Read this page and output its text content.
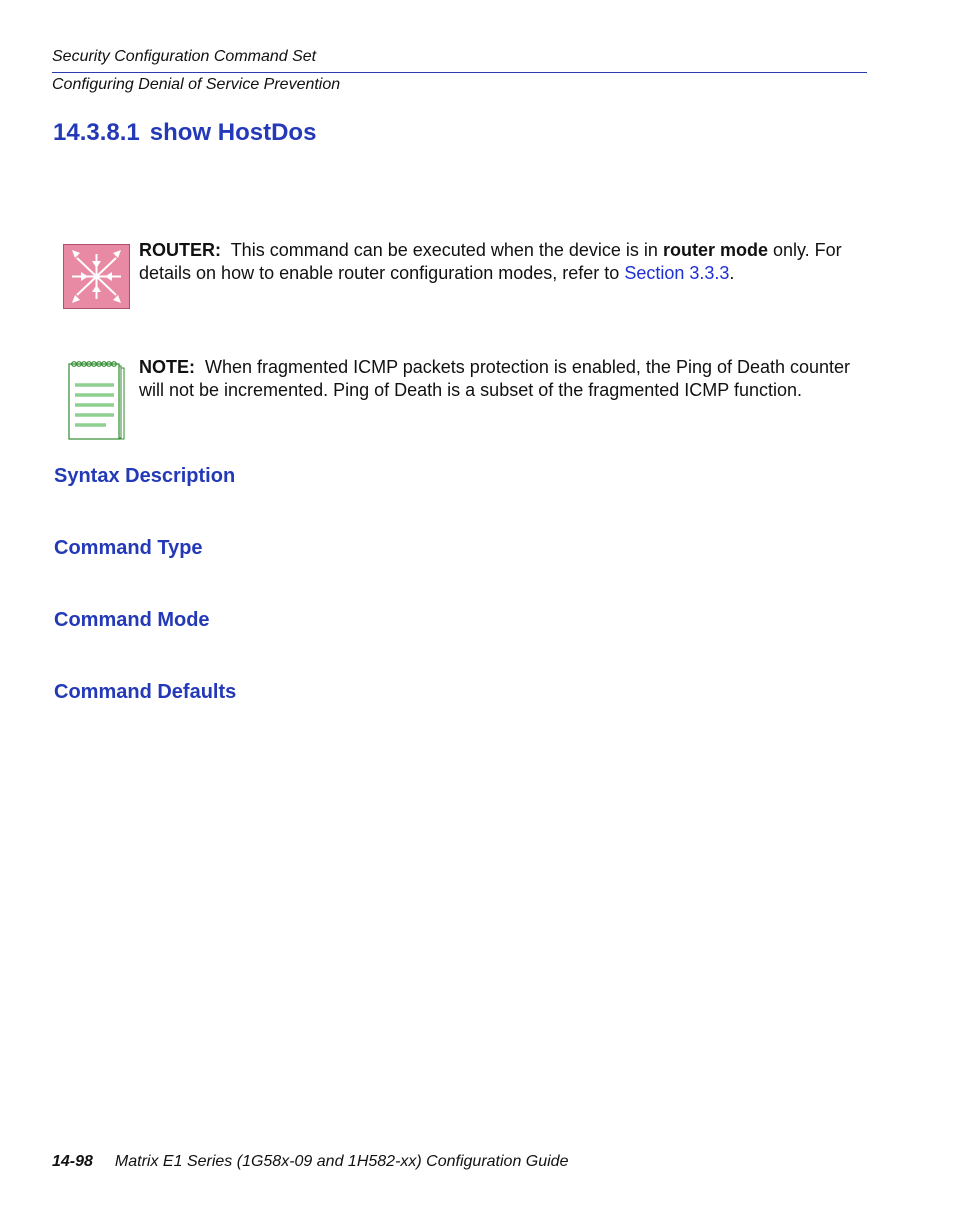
Security Configuration Command Set
Configuring Denial of Service Prevention
14.3.8.1 show HostDos
ROUTER: This command can be executed when the device is in router mode only. For details on how to enable router configuration modes, refer to Section 3.3.3.
NOTE: When fragmented ICMP packets protection is enabled, the Ping of Death counter will not be incremented. Ping of Death is a subset of the fragmented ICMP function.
Syntax Description
Command Type
Command Mode
Command Defaults
14-98 Matrix E1 Series (1G58x-09 and 1H582-xx) Configuration Guide
